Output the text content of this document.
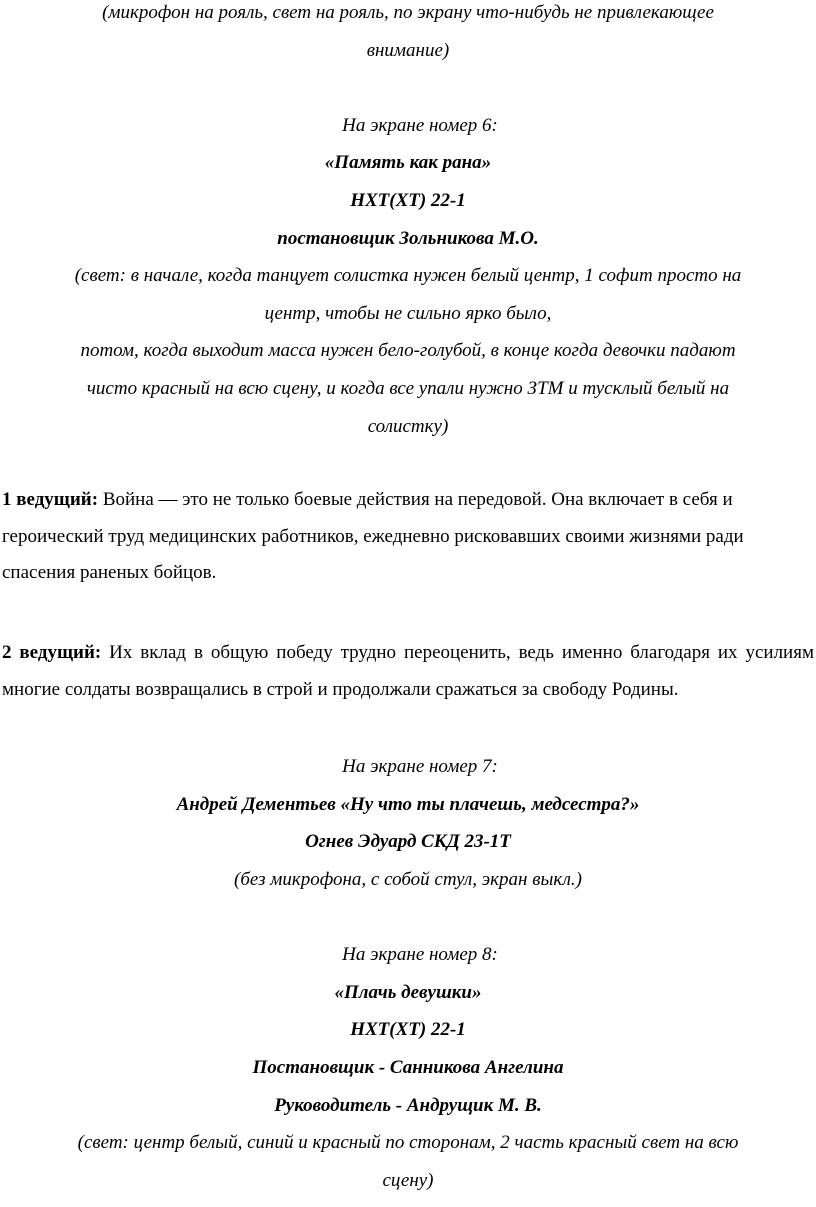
(микрофон на рояль, свет на рояль, по экрану что-нибудь не привлекающее
внимание)
На экране номер 6:
«Память как рана»
НХТ(ХТ) 22-1
постановщик Зольникова М.О.
(свет: в начале, когда танцует солистка нужен белый центр, 1 софит просто на
центр, чтобы не сильно ярко было,
потом, когда выходит масса нужен бело-голубой, в конце когда девочки падают
чисто красный на всю сцену, и когда все упали нужно ЗТМ и тусклый белый на
солистку)
1 ведущий: Война — это не только боевые действия на передовой. Она включает в себя и героический труд медицинских работников, ежедневно рисковавших своими жизнями ради спасения раненых бойцов.
2 ведущий: Их вклад в общую победу трудно переоценить, ведь именно благодаря их усилиям многие солдаты возвращались в строй и продолжали сражаться за свободу Родины.
На экране номер 7:
Андрей Дементьев «Ну что ты плачешь, медсестра?»
Огнев Эдуард СКД 23-1Т
(без микрофона, с собой стул, экран выкл.)
На экране номер 8:
«Плачь девушки»
НХТ(ХТ) 22-1
Постановщик - Санникова Ангелина
Руководитель - Андрущик М. В.
(свет: центр белый, синий и красный по сторонам, 2 часть красный свет на всю
сцену)
